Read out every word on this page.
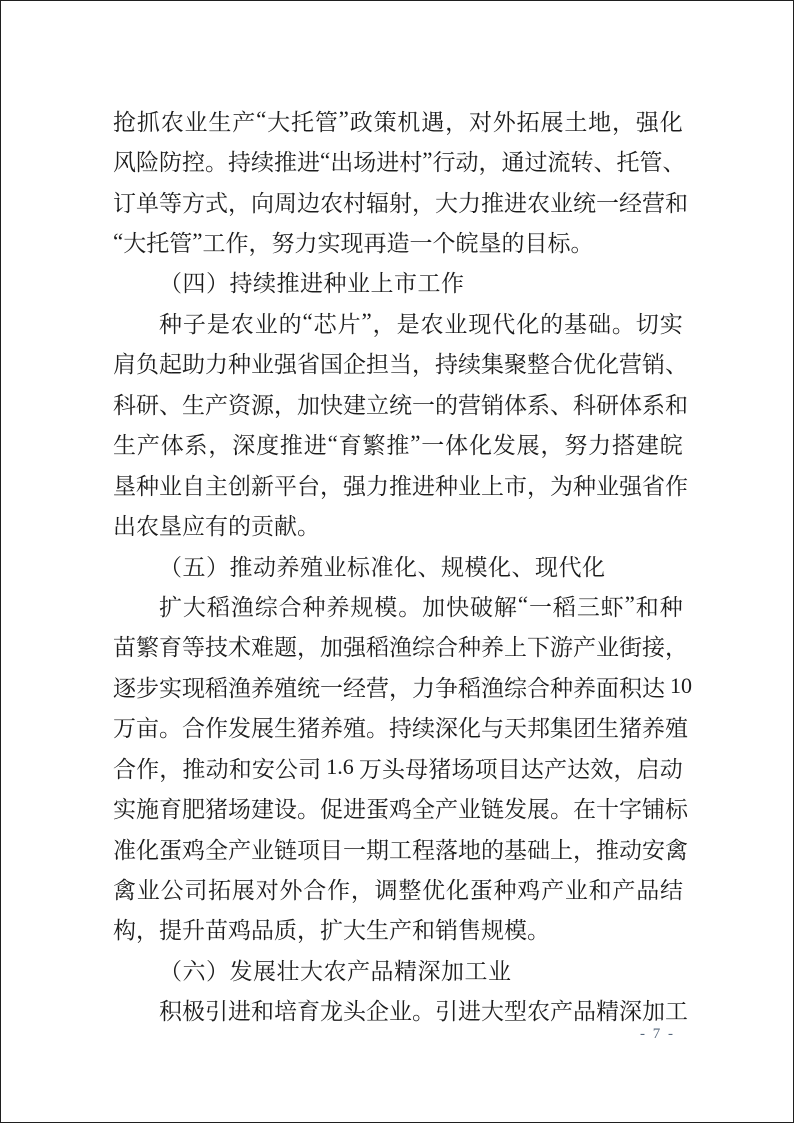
抢 抓 农 业 生 产 “ 大 托 管 ” 政 策 机 遇 ， 对 外 拓 展 土 地 ， 强 化
风 险 防 控 。 持 续 推 进 “ 出 场 进 村 ” 行 动 ， 通 过 流 转 、 托 管 、
订 单 等 方 式 ， 向 周 边 农 村 辐 射 ， 大 力 推 进 农 业 统 一 经 营 和
“ 大 托 管 ” 工 作 ， 努 力 实 现 再 造 一 个 皖 垦 的 目 标 。
（ 四 ） 持 续 推 进 种 业 上 市 工 作
种 子 是 农 业 的 “ 芯 片 ” ， 是 农 业 现 代 化 的 基 础 。 切 实
肩 负 起 助 力 种 业 强 省 国 企 担 当 ， 持 续 集 聚 整 合 优 化 营 销 、
科 研 、 生 产 资 源 ， 加 快 建 立 统 一 的 营 销 体 系 、 科 研 体 系 和
生 产 体 系 ， 深 度 推 进 “ 育 繁 推 ” 一 体 化 发 展 ， 努 力 搭 建 皖
垦 种 业 自 主 创 新 平 台 ， 强 力 推 进 种 业 上 市 ， 为 种 业 强 省 作
出 农 垦 应 有 的 贡 献 。
（ 五 ） 推 动 养 殖 业 标 准 化 、 规 模 化 、 现 代 化
扩 大 稻 渔 综 合 种 养 规 模 。 加 快 破 解 “ 一 稻 三 虾 ” 和 种
苗 繁 育 等 技 术 难 题 ， 加 强 稻 渔 综 合 种 养 上 下 游 产 业 街 接 ，
逐 步 实 现 稻 渔 养 殖 统 一 经 营 ， 力 争 稻 渔 综 合 种 养 面 积 达 10
万 亩 。 合 作 发 展 生 猪 养 殖 。 持 续 深 化 与 天 邦 集 团 生 猪 养 殖
合 作 ， 推 动 和 安 公 司 1.6 万 头 母 猪 场 项 目 达 产 达 效 ， 启 动
实 施 育 肥 猪 场 建 设 。 促 进 蛋 鸡 全 产 业 链 发 展 。 在 十 字 铺 标
准 化 蛋 鸡 全 产 业 链 项 目 一 期 工 程 落 地 的 基 础 上 ， 推 动 安 禽
禽 业 公 司 拓 展 对 外 合 作 ， 调 整 优 化 蛋 种 鸡 产 业 和 产 品 结
构 ， 提 升 苗 鸡 品 质 ， 扩 大 生 产 和 销 售 规 模 。
（ 六 ） 发 展 壮 大 农 产 品 精 深 加 工 业
积 极 引 进 和 培 育 龙 头 企 业 。 引 进 大 型 农 产 品 精 深 加 工
- 7 -
